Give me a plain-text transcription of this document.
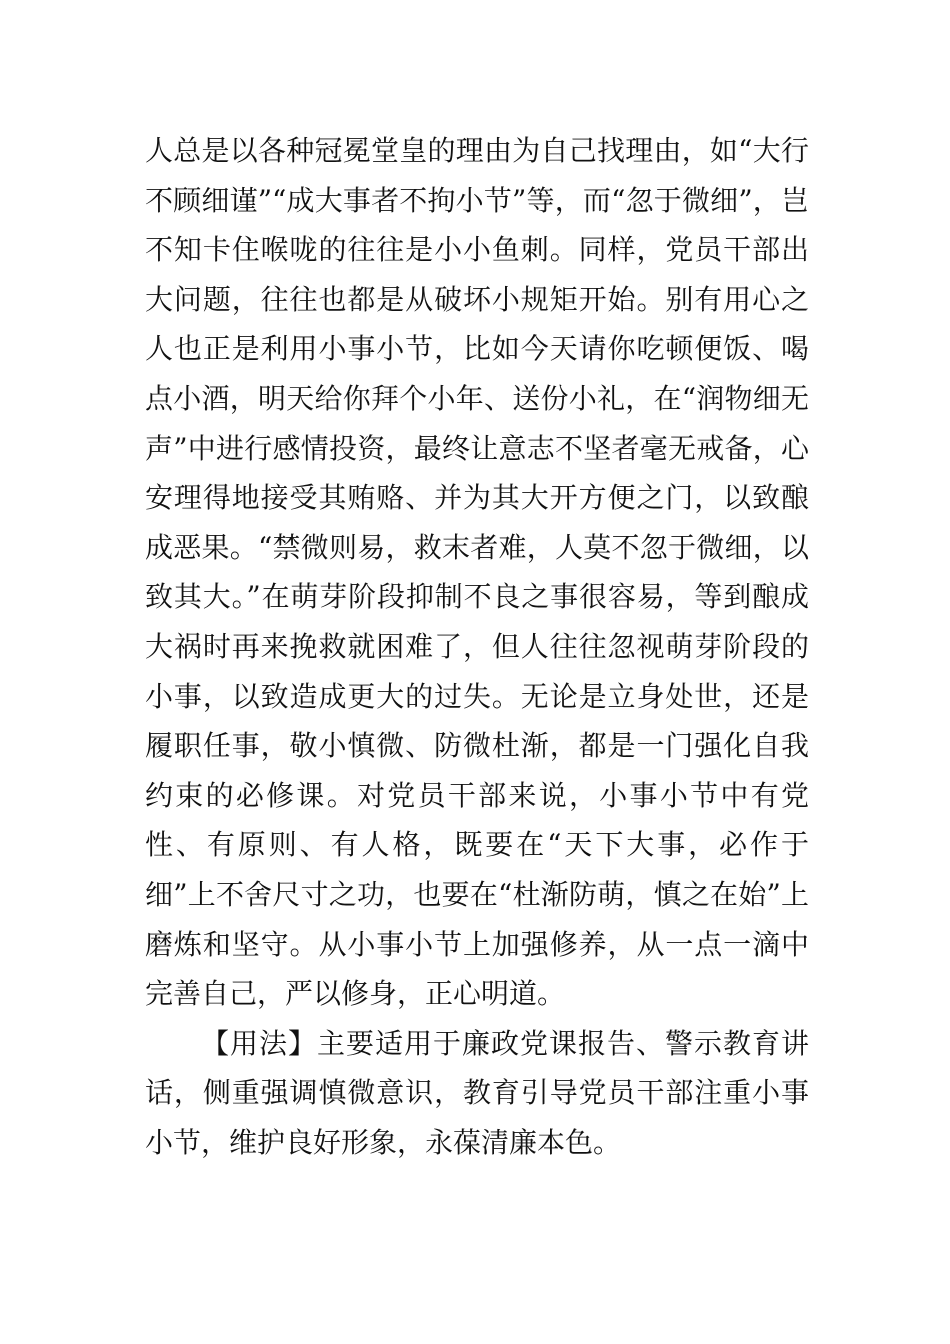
人总是以各种冠冕堂皇的理由为自己找理由，如“大行不顾细谨”“成大事者不拘小节”等，而“忽于微细”，岂不知卡住喉咙的往往是小小鱼刺。同样，党员干部出大问题，往往也都是从破坏小规矩开始。别有用心之人也正是利用小事小节，比如今天请你吃顿便饭、喝点小酒，明天给你拜个小年、送份小礼，在“润物细无声”中进行感情投资，最终让意志不坚者毫无戒备，心安理得地接受其贿赂、并为其大开方便之门，以致酿成恶果。“禁微则易，救末者难，人莫不忽于微细，以致其大。”在萌芽阶段抑制不良之事很容易，等到酿成大祸时再来挽救就困难了，但人往往忽视萌芽阶段的小事，以致造成更大的过失。无论是立身处世，还是履职任事，敬小慎微、防微杜渐，都是一门强化自我约束的必修课。对党员干部来说，小事小节中有党性、有原则、有人格，既要在“天下大事，必作于细”上不舍尺寸之功，也要在“杜渐防萌，慎之在始”上磨炼和坚守。从小事小节上加强修养，从一点一滴中完善自己，严以修身，正心明道。

【用法】主要适用于廉政党课报告、警示教育讲话，侧重强调慎微意识，教育引导党员干部注重小事小节，维护良好形象，永葆清廉本色。
